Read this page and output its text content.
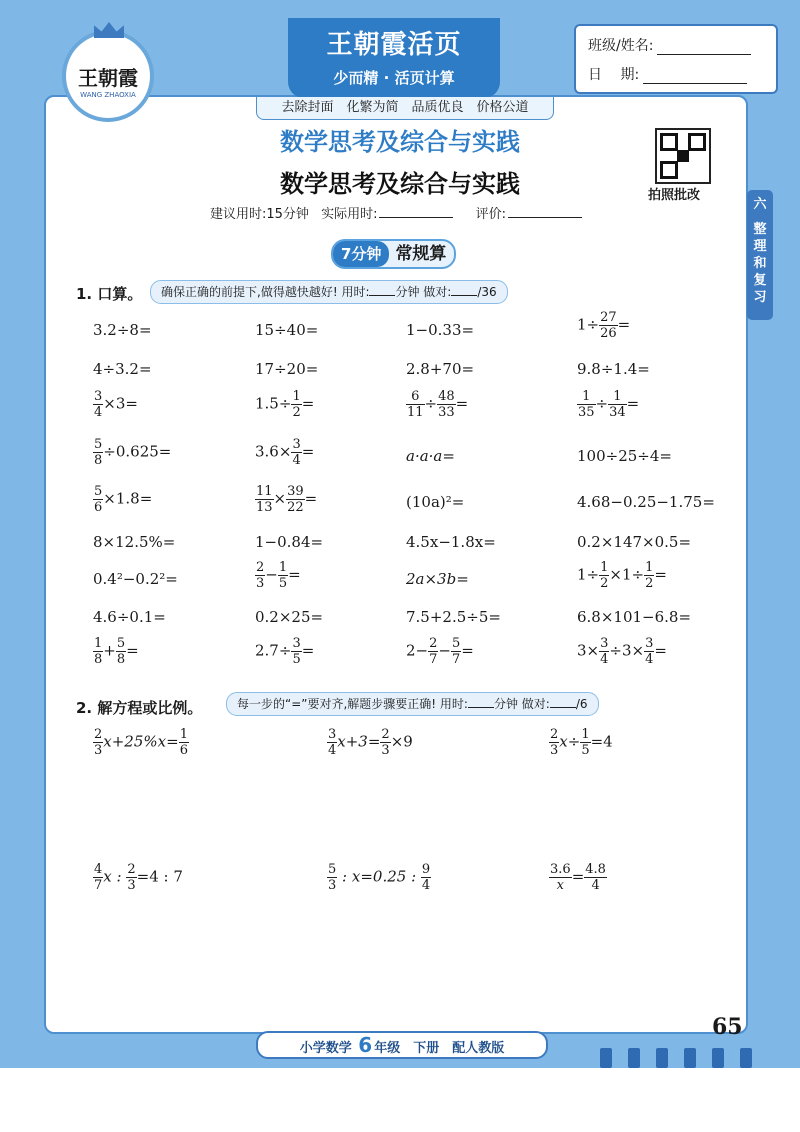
王朝霞
WANG ZHAOXIA
王朝霞活页
少而精 · 活页计算
班级/姓名:
日　 期:
去除封面　化繁为简　品质优良　价格公道
数学思考及综合与实践
数学思考及综合与实践
建议用时:15分钟 实际用时:	评价:
拍照批改
六
整
理
和
复
习
7分钟 常规算
1. 口算。	确保正确的前提下,做得越快越好! 用时: 分钟 做对: /36
3.2÷8=	15÷40=	1−0.33=	$1\div \frac{27}{26}$ =
4÷3.2=	17÷20=	2.8+70=	9.8÷1.4=
$\frac{3}{4} \times 3=$	$1.5\div \frac{1}{2}$ =	$\frac{6}{11} \div \frac{48}{33}$ =	$\frac{1}{35} \div \frac{1}{34}$ =
$\frac{5}{8} \div 0.625=$	$3.6\times \frac{3}{4}$ =	a·a·a=	100÷25÷4=
$\frac{5}{6} \times 1.8=$	$\frac{11}{13} \times \frac{39}{22}$ =	(10a)²=	4.68−0.25−1.75=
8×12.5%=	1−0.84=	4.5x−1.8x=	0.2×147×0.5=
0.4²−0.2²=	$\frac{2}{3} - \frac{1}{5}$ =	2a×3b=	$1\div \frac{1}{2} \times 1\div \frac{1}{2}$ =
4.6÷0.1=	0.2×25=	7.5+2.5÷5=	6.8×101−6.8=
$\frac{1}{8} + \frac{5}{8}$ =	$2.7\div \frac{3}{5}$ =	$2- \frac{2}{7} - \frac{5}{7}$ =	$3\times \frac{3}{4} \div 3\times \frac{3}{4}$ =
2. 解方程或比例。	每一步的“=”要对齐,解题步骤要正确! 用时: 分钟 做对: /6
$\frac{2}{3} x+25\%x= \frac{1}{6}$	$\frac{3}{4} x+3= \frac{2}{3} \times 9$	$\frac{2}{3} x\div \frac{1}{5} =4$
$\frac{4}{7}$ x : $\frac{2}{3} =4$ : 7	$\frac{5}{3}$ : x=0.25 : $\frac{9}{4}$	$\frac{3.6}{x}= \frac{4.8}{4}$
65
小学数学 6 年级　下册　配人教版
